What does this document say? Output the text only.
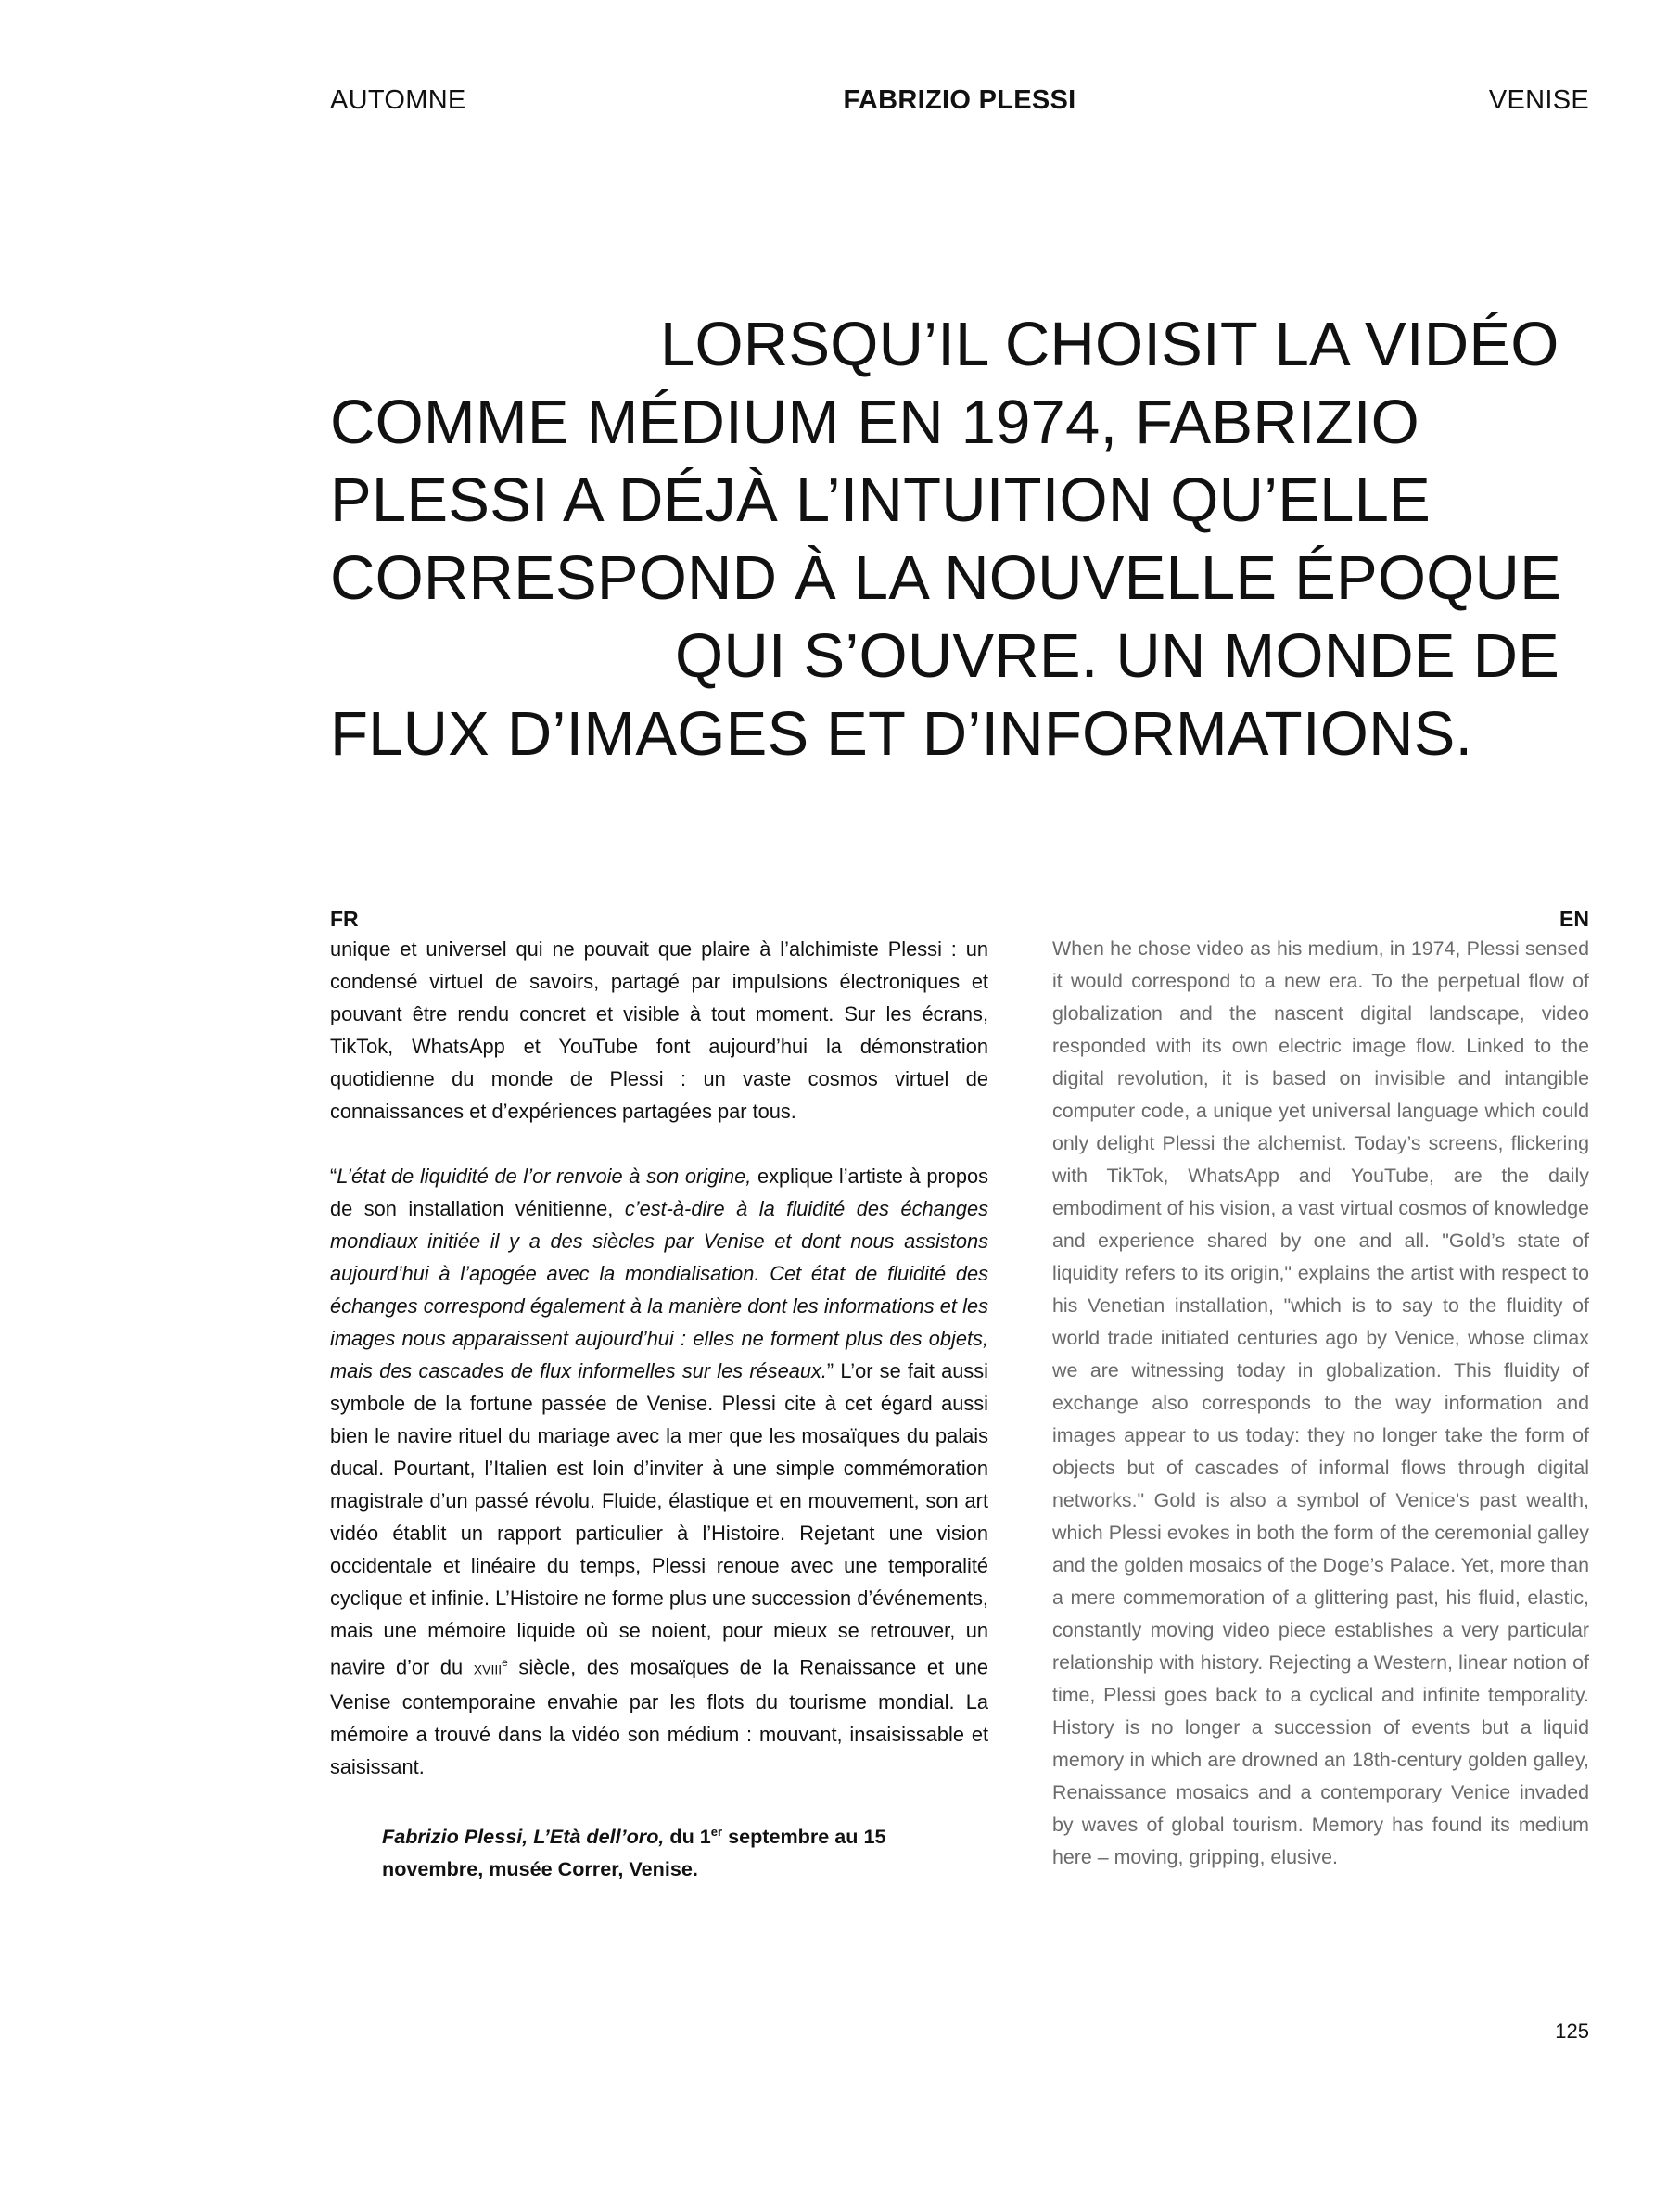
AUTOMNE	FABRIZIO PLESSI	VENISE
LORSQU’IL CHOISIT LA VIDÉO
COMME MÉDIUM EN 1974, FABRIZIO
PLESSI A DÉJÀ L’INTUITION QU’ELLE
CORRESPOND À LA NOUVELLE ÉPOQUE
QUI S’OUVRE. UN MONDE DE
FLUX D’IMAGES ET D’INFORMATIONS.
FR

unique et universel qui ne pouvait que plaire à l’alchimiste Plessi : un condensé virtuel de savoirs, partagé par impulsions électroniques et pouvant être rendu concret et visible à tout moment. Sur les écrans, TikTok, WhatsApp et YouTube font aujourd’hui la démonstration quotidienne du monde de Plessi : un vaste cosmos virtuel de connaissances et d’expériences partagées par tous.

“L’état de liquidité de l’or renvoie à son origine, explique l’artiste à propos de son installation vénitienne, c’est-à-dire à la fluidité des échanges mondiaux initiée il y a des siècles par Venise et dont nous assistons aujourd’hui à l’apogée avec la mondialisation. Cet état de fluidité des échanges correspond également à la manière dont les informations et les images nous apparaissent aujourd’hui : elles ne forment plus des objets, mais des cascades de flux informelles sur les réseaux.” L’or se fait aussi symbole de la fortune passée de Venise. Plessi cite à cet égard aussi bien le navire rituel du mariage avec la mer que les mosaïques du palais ducal. Pourtant, l’Italien est loin d’inviter à une simple commémoration magistrale d’un passé révolu. Fluide, élastique et en mouvement, son art vidéo établit un rapport particulier à l’Histoire. Rejetant une vision occidentale et linéaire du temps, Plessi renoue avec une temporalité cyclique et infinie. L’Histoire ne forme plus une succession d’événements, mais une mémoire liquide où se noient, pour mieux se retrouver, un navire d’or du XVIIIe siècle, des mosaïques de la Renaissance et une Venise contemporaine envahie par les flots du tourisme mondial. La mémoire a trouvé dans la vidéo son médium : mouvant, insaisissable et saisissant.

Fabrizio Plessi, L’Età dell’oro, du 1er septembre au 15 novembre, musée Correr, Venise.

EN

When he chose video as his medium, in 1974, Plessi sensed it would correspond to a new era. To the perpetual flow of globalization and the nascent digital landscape, video responded with its own electric image flow. Linked to the digital revolution, it is based on invisible and intangible computer code, a unique yet universal language which could only delight Plessi the alchemist. Today’s screens, flickering with TikTok, WhatsApp and YouTube, are the daily embodiment of his vision, a vast virtual cosmos of knowledge and experience shared by one and all. "Gold’s state of liquidity refers to its origin," explains the artist with respect to his Venetian installation, "which is to say to the fluidity of world trade initiated centuries ago by Venice, whose climax we are witnessing today in globalization. This fluidity of exchange also corresponds to the way information and images appear to us today: they no longer take the form of objects but of cascades of informal flows through digital networks." Gold is also a symbol of Venice’s past wealth, which Plessi evokes in both the form of the ceremonial galley and the golden mosaics of the Doge’s Palace. Yet, more than a mere commemoration of a glittering past, his fluid, elastic, constantly moving video piece establishes a very particular relationship with history. Rejecting a Western, linear notion of time, Plessi goes back to a cyclical and infinite temporality. History is no longer a succession of events but a liquid memory in which are drowned an 18th-century golden galley, Renaissance mosaics and a contemporary Venice invaded by waves of global tourism. Memory has found its medium here – moving, gripping, elusive.

125
